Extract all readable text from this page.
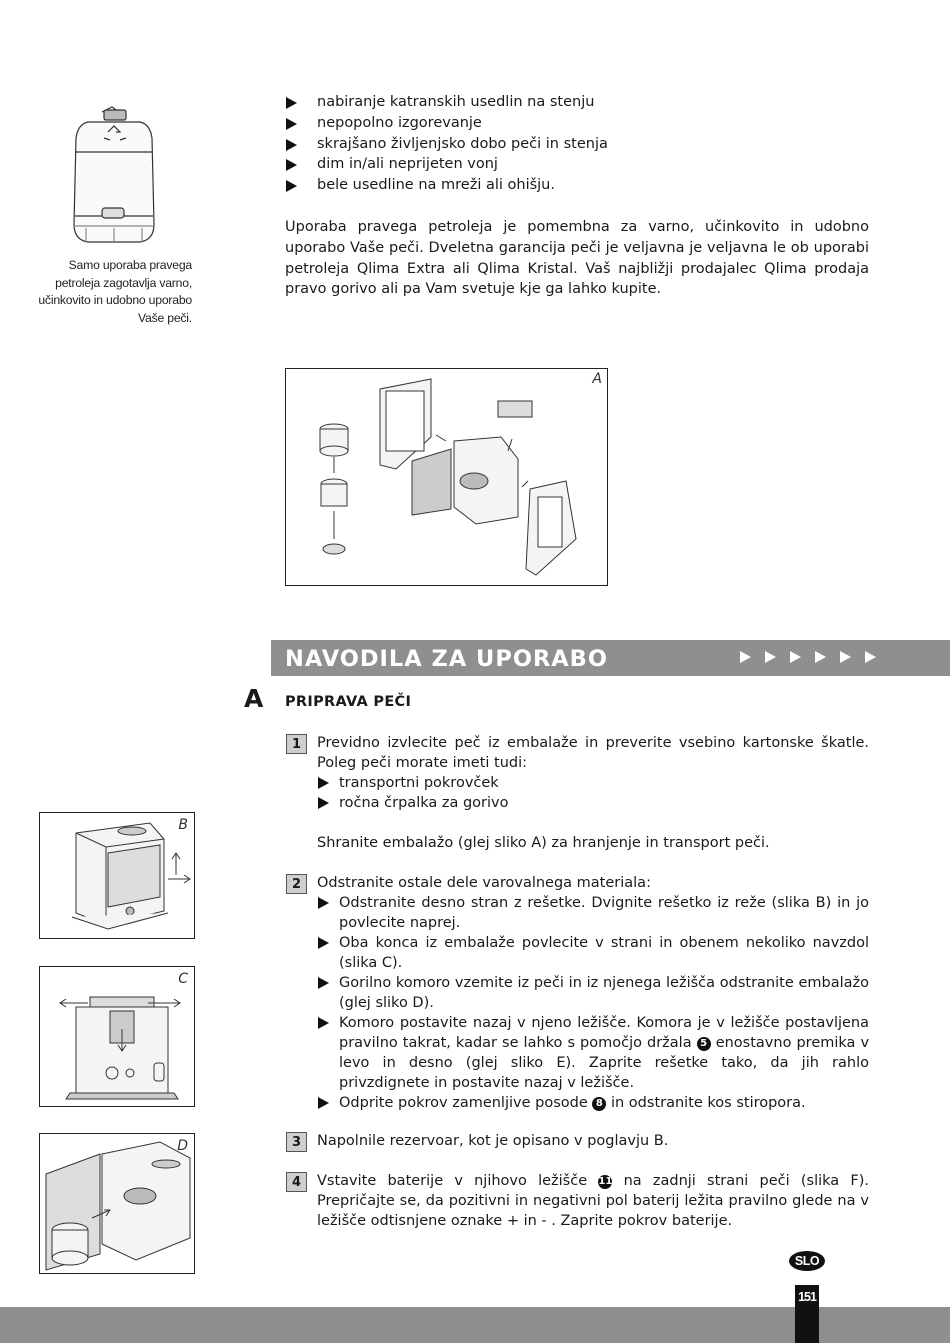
Samo uporaba pravega petroleja zagotavlja varno, učinkovito in udobno uporabo Vaše peči.
nabiranje katranskih usedlin na stenju
nepopolno izgorevanje
skrajšano življenjsko dobo peči in stenja
dim in/ali neprijeten vonj
bele usedline na mreži ali ohišju.

Uporaba pravega petroleja je pomembna za varno, učinkovito in udobno uporabo Vaše peči. Dveletna garancija peči je veljavna je veljavna le ob uporabi petroleja Qlima Extra ali Qlima Kristal. Vaš najbližji prodajalec Qlima prodaja pravo gorivo ali pa Vam svetuje kje ga lahko kupite.

A
NAVODILA ZA UPORABO
A PRIPRAVA PEČI
1	Previdno izvlecite peč iz embalaže in preverite vsebino kartonske škatle. Poleg peči morate imeti tudi:
transportni pokrovček
ročna črpalka za gorivo
Shranite embalažo (glej sliko A) za hranjenje in transport peči.
2	Odstranite ostale dele varovalnega materiala:
Odstranite desno stran z rešetke. Dvignite rešetko iz reže (slika B) in jo povlecite naprej.
Oba konca iz embalaže povlecite v strani in obenem nekoliko navzdol (slika C).
Gorilno komoro vzemite iz peči in iz njenega ležišča odstranite embalažo (glej sliko D).
Komoro postavite nazaj v njeno ležišče. Komora je v ležišče postavljena pravilno takrat, kadar se lahko s pomočjo držala 5 enostavno premika v levo in desno (glej sliko E). Zaprite rešetke tako, da jih rahlo privzdignete in postavite nazaj v ležišče.
Odprite pokrov zamenljive posode 8 in odstranite kos stiropora.
3	Napolnile rezervoar, kot je opisano v poglavju B.
4	Vstavite baterije v njihovo ležišče 11 na zadnji strani peči (slika F). Prepričajte se, da pozitivni in negativni pol baterij ležita pravilno glede na v ležišče odtisnjene oznake + in - . Zaprite pokrov baterije.
B
C
D
SLO
151
